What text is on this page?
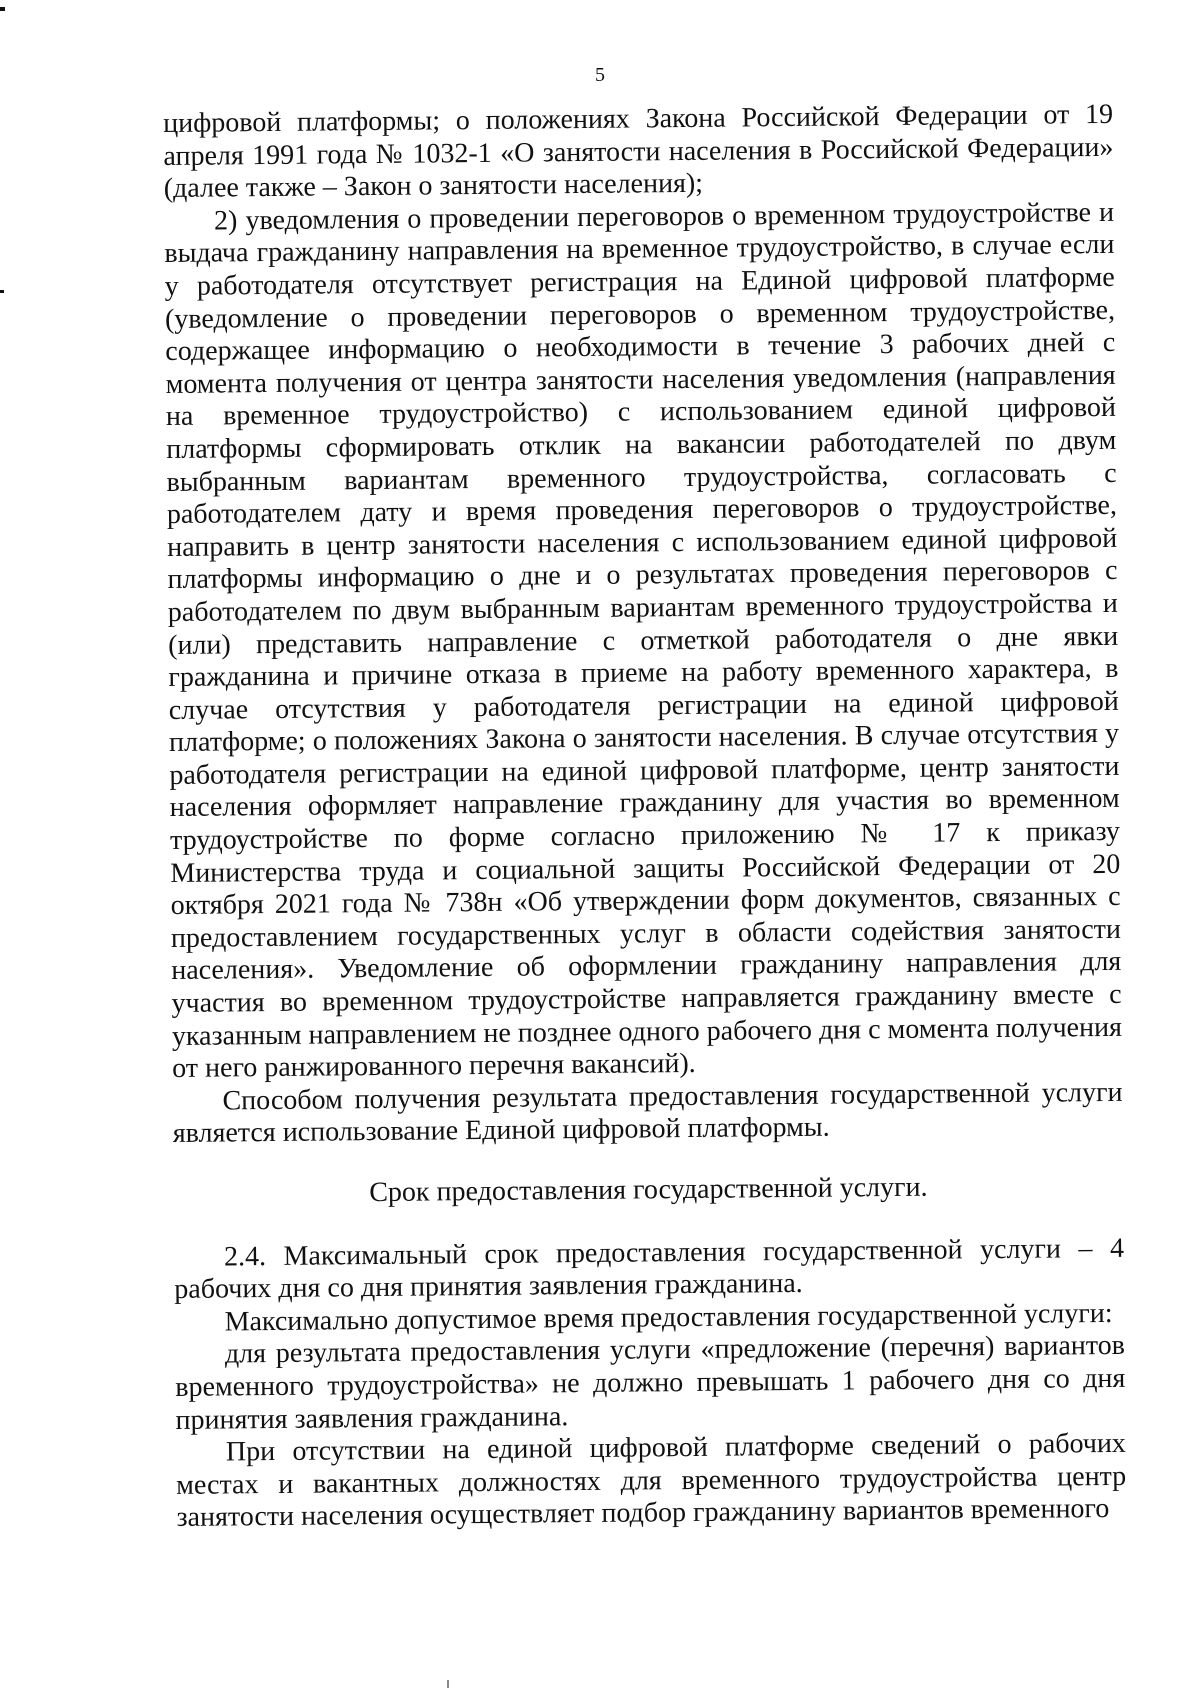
5

цифровой платформы; о положениях Закона Российской Федерации от 19 апреля 1991 года № 1032-1 «О занятости населения в Российской Федерации» (далее также – Закон о занятости населения);

2) уведомления о проведении переговоров о временном трудоустройстве и выдача гражданину направления на временное трудоустройство, в случае если у работодателя отсутствует регистрация на Единой цифровой платформе (уведомление о проведении переговоров о временном трудоустройстве, содержащее информацию о необходимости в течение 3 рабочих дней с момента получения от центра занятости населения уведомления (направления на временное трудоустройство) с использованием единой цифровой платформы сформировать отклик на вакансии работодателей по двум выбранным вариантам временного трудоустройства, согласовать с работодателем дату и время проведения переговоров о трудоустройстве, направить в центр занятости населения с использованием единой цифровой платформы информацию о дне и о результатах проведения переговоров с работодателем по двум выбранным вариантам временного трудоустройства и (или) представить направление с отметкой работодателя о дне явки гражданина и причине отказа в приеме на работу временного характера, в случае отсутствия у работодателя регистрации на единой цифровой платформе; о положениях Закона о занятости населения. В случае отсутствия у работодателя регистрации на единой цифровой платформе, центр занятости населения оформляет направление гражданину для участия во временном трудоустройстве по форме согласно приложению № 17 к приказу Министерства труда и социальной защиты Российской Федерации от 20 октября 2021 года № 738н «Об утверждении форм документов, связанных с предоставлением государственных услуг в области содействия занятости населения». Уведомление об оформлении гражданину направления для участия во временном трудоустройстве направляется гражданину вместе с указанным направлением не позднее одного рабочего дня с момента получения от него ранжированного перечня вакансий).

Способом получения результата предоставления государственной услуги является использование Единой цифровой платформы.

Срок предоставления государственной услуги.

2.4. Максимальный срок предоставления государственной услуги – 4 рабочих дня со дня принятия заявления гражданина.

Максимально допустимое время предоставления государственной услуги:

для результата предоставления услуги «предложение (перечня) вариантов временного трудоустройства» не должно превышать 1 рабочего дня со дня принятия заявления гражданина.

При отсутствии на единой цифровой платформе сведений о рабочих местах и вакантных должностях для временного трудоустройства центр занятости населения осуществляет подбор гражданину вариантов временного
